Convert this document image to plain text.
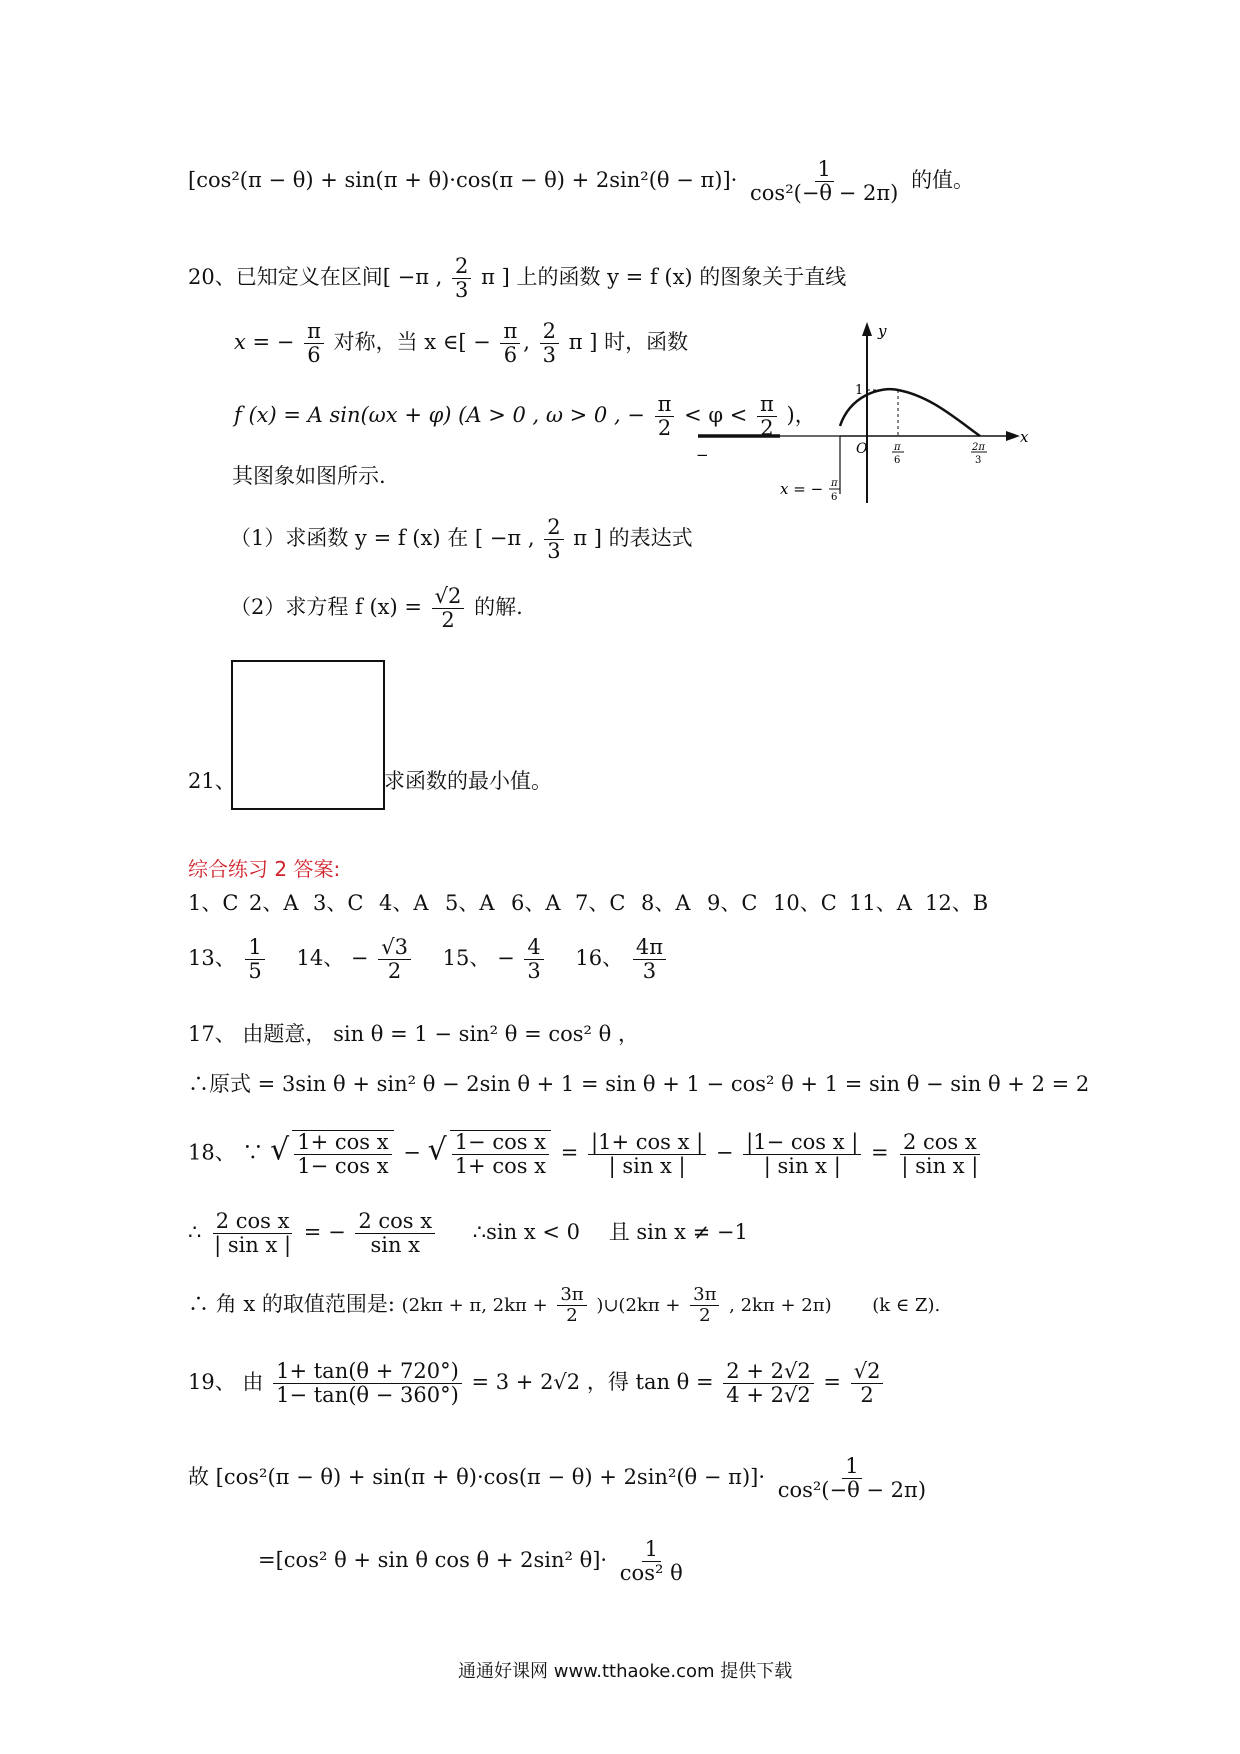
$[\cos^2(\pi - \theta) + \sin(\pi + \theta)\cdot\cos(\pi - \theta) + 2\sin^2(\theta - \pi)]\cdot \frac{1}{\text{cos²(−θ − 2π)}}$ 的值。
20、已知定义在区间[ −π , $\frac{2}{3}$ π ] 上的函数 y = f (x) 的图象关于直线
x = − $\frac{\pi}{6}$ 对称，当 x ∈[ − $\frac{\pi}{6}$ , $\frac{2}{3}$ π ] 时，函数
f (x) = A sin(ωx + φ) (A > 0 , ω > 0 , − $\frac{\pi}{2} < \varphi < \frac{\pi}{2}$ )，
其图象如图所示.
（1）求函数 y = f (x) 在 [ −π , $\frac{2}{3}$ π ] 的表达式
（2）求方程 f $(x) = \frac{√2}{2}$ 的解.
y
x
−
x = − π
6
1
O	π
6
2π
3
21、	求函数的最小值。
综合练习 2 答案:
1、C 2、A 3、C 4、A 5、A 6、A 7、C 8、A 9、C 10、C 11、A 12、B
13、 $\frac{1}{5} 14$、 − $\frac{√3}{2} 15$、 − $\frac{4}{3} 16$、 $\frac{4\pi}{3}$
17、 由题意， sin θ = 1 − sin² θ = cos² θ ，
∴原式 = 3sin θ + sin² θ − 2sin θ + 1 = sin θ + 1 − cos² θ + 1 = sin θ − sin θ + 2 = 2
18、 ∵ √ $\frac{\text{1+ cos x}}{\text{1− cos x}}$ − √ $\frac{\text{1− cos x}}{\text{1+ cos x}} = \frac{\text{|1+ cos x |}}{\text{| sin x |}} - \frac{\text{|1− cos x |}}{\text{| sin x |}} = \frac{\text{2 cos x}}{\text{| sin x |}}$
∴ $\frac{\text{2 cos x}}{\text{| sin x |}}$ = − $\frac{\text{2 cos x}}{\text{sin x}}$ ∴sin x < 0 且 sin x ≠ −1
∴ 角 x 的取值范围是: (2kπ + π, $2k\pi + \frac{3\pi}{2}$ )∪(2kπ + $\frac{3\pi}{2}$ , 2kπ + 2π) (k ∈ Z).
19、 由 $\frac{1+ \tan(\theta + 720^\circ)}{1- \tan(\theta - 360^\circ)} = 3 + 2√2$ ，得 $\tan \theta = \frac{2 + 2√2}{4 + 2√2} = \frac{√2}{2}$
故 $[\cos^2(\pi - \theta) + \sin(\pi + \theta)\cdot\cos(\pi - \theta) + 2\sin^2(\theta - \pi)]\cdot \frac{1}{\text{cos²(−θ − 2π)}}$
=[cos² θ + sin θ cos θ + 2sin² $\theta]\cdot \frac{1}{\text{cos² θ}}$
通通好课网 www.tthaoke.com 提供下载
